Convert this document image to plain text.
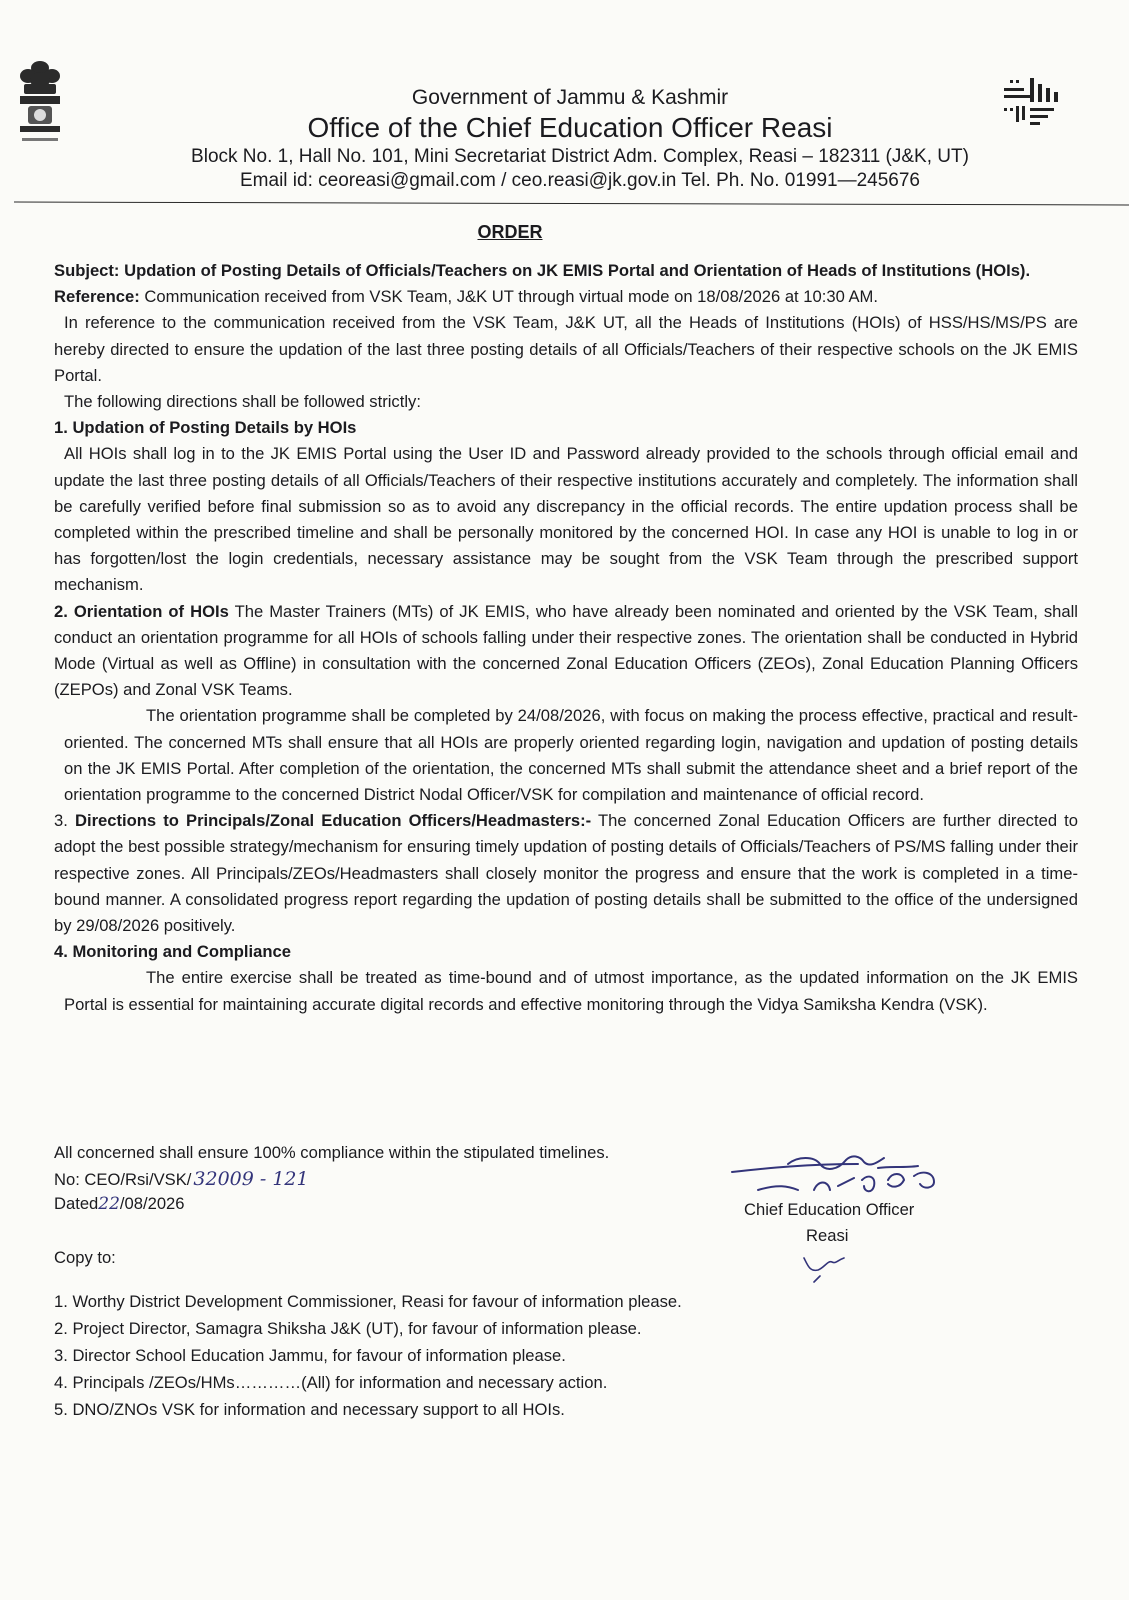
Government of Jammu & Kashmir
Office of the Chief Education Officer Reasi
Block No. 1, Hall No. 101, Mini Secretariat District Adm. Complex, Reasi – 182311 (J&K, UT)
Email id: ceoreasi@gmail.com / ceo.reasi@jk.gov.in Tel. Ph. No. 01991—245676
ORDER

Subject: Updation of Posting Details of Officials/Teachers on JK EMIS Portal and Orientation of Heads of Institutions (HOIs).

Reference: Communication received from VSK Team, J&K UT through virtual mode on 18/08/2026 at 10:30 AM.

In reference to the communication received from the VSK Team, J&K UT, all the Heads of Institutions (HOIs) of HSS/HS/MS/PS are hereby directed to ensure the updation of the last three posting details of all Officials/Teachers of their respective schools on the JK EMIS Portal.

The following directions shall be followed strictly:

1. Updation of Posting Details by HOIs

All HOIs shall log in to the JK EMIS Portal using the User ID and Password already provided to the schools through official email and update the last three posting details of all Officials/Teachers of their respective institutions accurately and completely. The information shall be carefully verified before final submission so as to avoid any discrepancy in the official records. The entire updation process shall be completed within the prescribed timeline and shall be personally monitored by the concerned HOI. In case any HOI is unable to log in or has forgotten/lost the login credentials, necessary assistance may be sought from the VSK Team through the prescribed support mechanism.

2. Orientation of HOIs The Master Trainers (MTs) of JK EMIS, who have already been nominated and oriented by the VSK Team, shall conduct an orientation programme for all HOIs of schools falling under their respective zones. The orientation shall be conducted in Hybrid Mode (Virtual as well as Offline) in consultation with the concerned Zonal Education Officers (ZEOs), Zonal Education Planning Officers (ZEPOs) and Zonal VSK Teams.

The orientation programme shall be completed by 24/08/2026, with focus on making the process effective, practical and result-oriented. The concerned MTs shall ensure that all HOIs are properly oriented regarding login, navigation and updation of posting details on the JK EMIS Portal. After completion of the orientation, the concerned MTs shall submit the attendance sheet and a brief report of the orientation programme to the concerned District Nodal Officer/VSK for compilation and maintenance of official record.

3. Directions to Principals/Zonal Education Officers/Headmasters:- The concerned Zonal Education Officers are further directed to adopt the best possible strategy/mechanism for ensuring timely updation of posting details of Officials/Teachers of PS/MS falling under their respective zones. All Principals/ZEOs/Headmasters shall closely monitor the progress and ensure that the work is completed in a time-bound manner. A consolidated progress report regarding the updation of posting details shall be submitted to the office of the undersigned by 29/08/2026 positively.

4. Monitoring and Compliance

The entire exercise shall be treated as time-bound and of utmost importance, as the updated information on the JK EMIS Portal is essential for maintaining accurate digital records and effective monitoring through the Vidya Samiksha Kendra (VSK).

All concerned shall ensure 100% compliance within the stipulated timelines.
No: CEO/Rsi/VSK/ 32009 - 121
Dated22/08/2026	Chief Education Officer
Reasi
Copy to:
1. Worthy District Development Commissioner, Reasi for favour of information please.
2. Project Director, Samagra Shiksha J&K (UT), for favour of information please.
3. Director School Education Jammu, for favour of information please.
4. Principals /ZEOs/HMs…………(All) for information and necessary action.
5. DNO/ZNOs VSK for information and necessary support to all HOIs.
